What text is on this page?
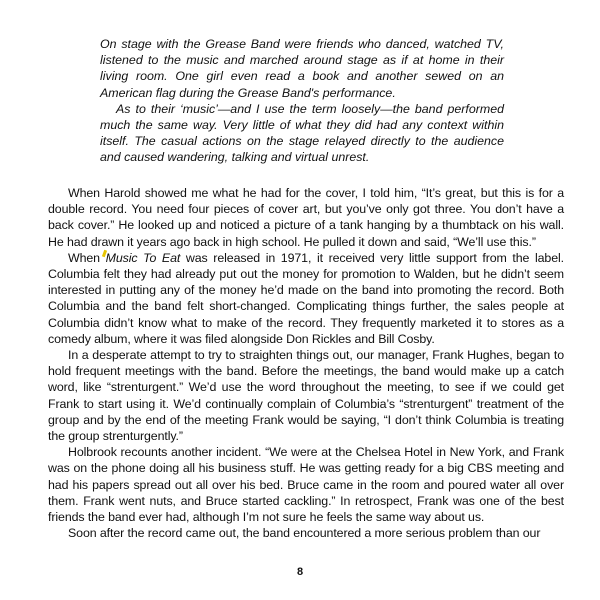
On stage with the Grease Band were friends who danced, watched TV, listened to the music and marched around stage as if at home in their living room. One girl even read a book and another sewed on an American flag during the Grease Band's performance.

As to their ‘music’—and I use the term loosely—the band performed much the same way. Very little of what they did had any context within itself. The casual actions on the stage relayed directly to the audience and caused wandering, talking and virtual unrest.

When Harold showed me what he had for the cover, I told him, “It’s great, but this is for a double record. You need four pieces of cover art, but you’ve only got three. You don’t have a back cover.” He looked up and noticed a picture of a tank hanging by a thumbtack on his wall. He had drawn it years ago back in high school. He pulled it down and said, “We’ll use this.”

When Music To Eat was released in 1971, it received very little support from the label. Columbia felt they had already put out the money for promotion to Walden, but he didn’t seem interested in putting any of the money he’d made on the band into promoting the record. Both Columbia and the band felt short-changed. Complicating things further, the sales people at Columbia didn’t know what to make of the record. They frequently marketed it to stores as a comedy album, where it was filed alongside Don Rickles and Bill Cosby.

In a desperate attempt to try to straighten things out, our manager, Frank Hughes, began to hold frequent meetings with the band. Before the meetings, the band would make up a catch word, like “strenturgent.” We’d use the word throughout the meeting, to see if we could get Frank to start using it. We’d continually complain of Columbia’s “strenturgent” treatment of the group and by the end of the meeting Frank would be saying, “I don’t think Columbia is treating the group strenturgently.”

Holbrook recounts another incident. “We were at the Chelsea Hotel in New York, and Frank was on the phone doing all his business stuff. He was getting ready for a big CBS meeting and had his papers spread out all over his bed. Bruce came in the room and poured water all over them. Frank went nuts, and Bruce started cackling.” In retrospect, Frank was one of the best friends the band ever had, although I’m not sure he feels the same way about us.

Soon after the record came out, the band encountered a more serious problem than our

8
